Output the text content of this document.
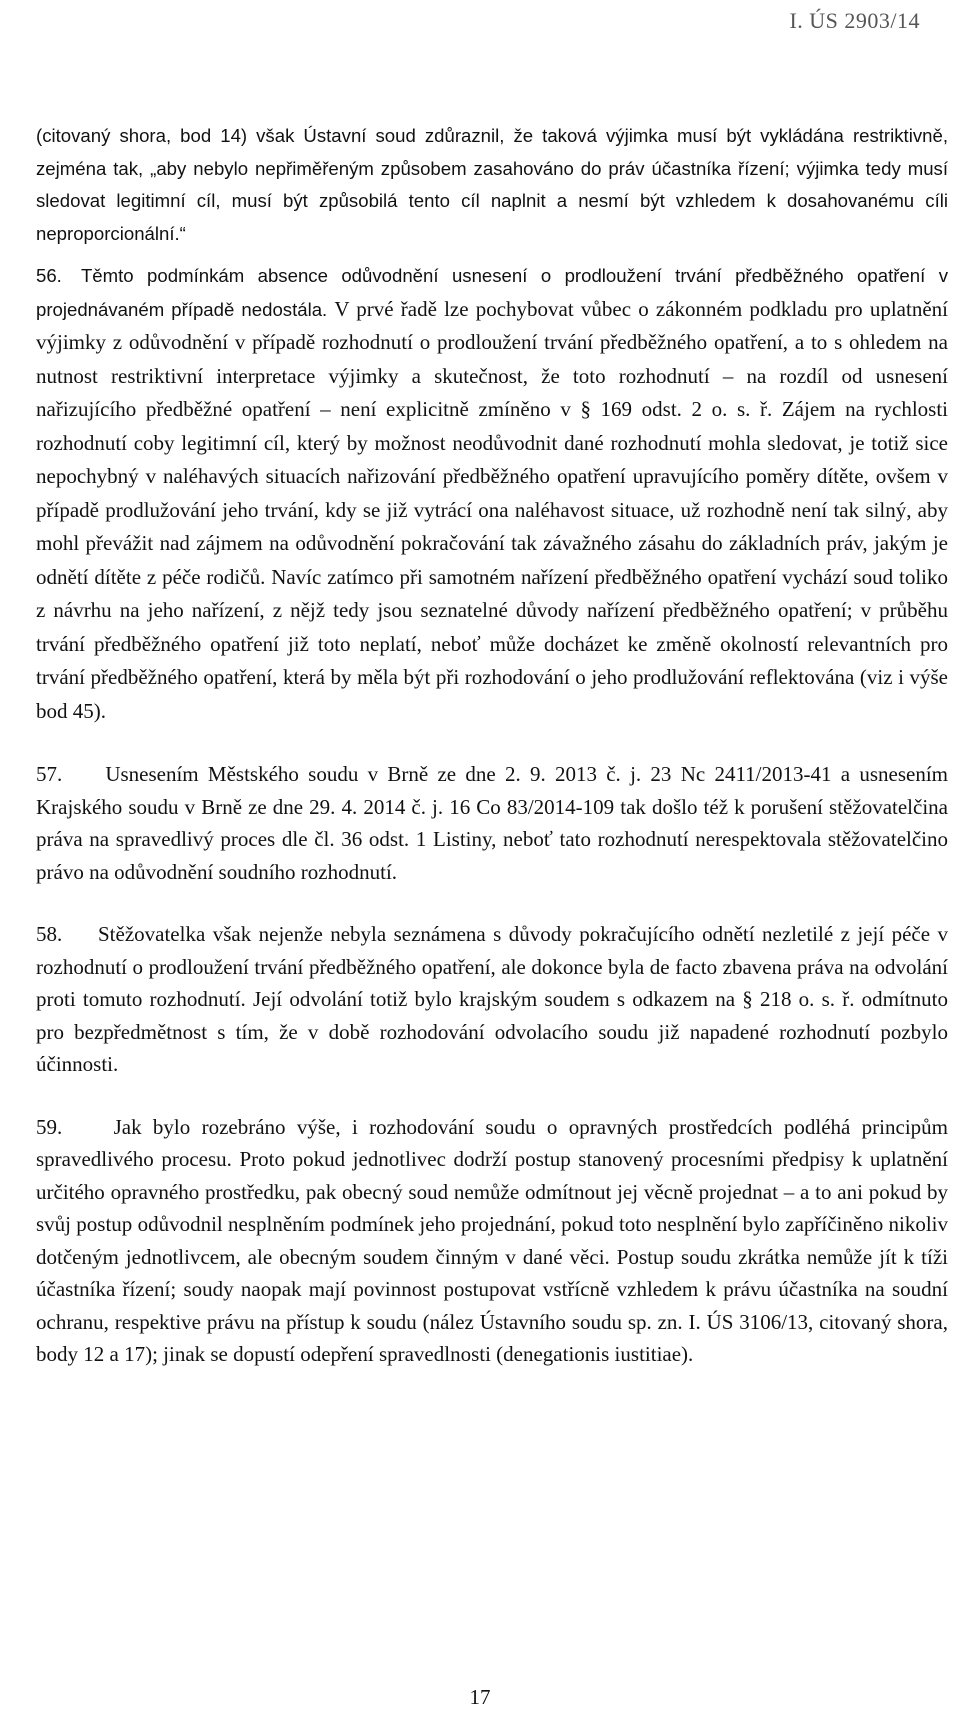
I. ÚS 2903/14

(citovaný shora, bod 14) však Ústavní soud zdůraznil, že taková výjimka musí být vykládána restriktivně, zejména tak, „aby nebylo nepřiměřeným způsobem zasahováno do práv účastníka řízení; výjimka tedy musí sledovat legitimní cíl, musí být způsobilá tento cíl naplnit a nesmí být vzhledem k dosahovanému cíli neproporcionální.“

56. Těmto podmínkám absence odůvodnění usnesení o prodloužení trvání předběžného opatření v projednávaném případě nedostála. V prvé řadě lze pochybovat vůbec o zákonném podkladu pro uplatnění výjimky z odůvodnění v případě rozhodnutí o prodloužení trvání předběžného opatření, a to s ohledem na nutnost restriktivní interpretace výjimky a skutečnost, že toto rozhodnutí – na rozdíl od usnesení nařizujícího předběžné opatření – není explicitně zmíněno v § 169 odst. 2 o. s. ř. Zájem na rychlosti rozhodnutí coby legitimní cíl, který by možnost neodůvodnit dané rozhodnutí mohla sledovat, je totiž sice nepochybný v naléhavých situacích nařizování předběžného opatření upravujícího poměry dítěte, ovšem v případě prodlužování jeho trvání, kdy se již vytrácí ona naléhavost situace, už rozhodně není tak silný, aby mohl převážit nad zájmem na odůvodnění pokračování tak závažného zásahu do základních práv, jakým je odnětí dítěte z péče rodičů. Navíc zatímco při samotném nařízení předběžného opatření vychází soud toliko z návrhu na jeho nařízení, z nějž tedy jsou seznatelné důvody nařízení předběžného opatření; v průběhu trvání předběžného opatření již toto neplatí, neboť může docházet ke změně okolností relevantních pro trvání předběžného opatření, která by měla být při rozhodování o jeho prodlužování reflektována (viz i výše bod 45).

57. Usnesením Městského soudu v Brně ze dne 2. 9. 2013 č. j. 23 Nc 2411/2013-41 a usnesením Krajského soudu v Brně ze dne 29. 4. 2014 č. j. 16 Co 83/2014-109 tak došlo též k porušení stěžovatelčina práva na spravedlivý proces dle čl. 36 odst. 1 Listiny, neboť tato rozhodnutí nerespektovala stěžovatelčino právo na odůvodnění soudního rozhodnutí.

58. Stěžovatelka však nejenže nebyla seznámena s důvody pokračujícího odnětí nezletilé z její péče v rozhodnutí o prodloužení trvání předběžného opatření, ale dokonce byla de facto zbavena práva na odvolání proti tomuto rozhodnutí. Její odvolání totiž bylo krajským soudem s odkazem na § 218 o. s. ř. odmítnuto pro bezpředmětnost s tím, že v době rozhodování odvolacího soudu již napadené rozhodnutí pozbylo účinnosti.

59. Jak bylo rozebráno výše, i rozhodování soudu o opravných prostředcích podléhá principům spravedlivého procesu. Proto pokud jednotlivec dodrží postup stanovený procesními předpisy k uplatnění určitého opravného prostředku, pak obecný soud nemůže odmítnout jej věcně projednat – a to ani pokud by svůj postup odůvodnil nesplněním podmínek jeho projednání, pokud toto nesplnění bylo zapříčiněno nikoliv dotčeným jednotlivcem, ale obecným soudem činným v dané věci. Postup soudu zkrátka nemůže jít k tíži účastníka řízení; soudy naopak mají povinnost postupovat vstřícně vzhledem k právu účastníka na soudní ochranu, respektive právu na přístup k soudu (nález Ústavního soudu sp. zn. I. ÚS 3106/13, citovaný shora, body 12 a 17); jinak se dopustí odepření spravedlnosti (denegationis iustitiae).

17
